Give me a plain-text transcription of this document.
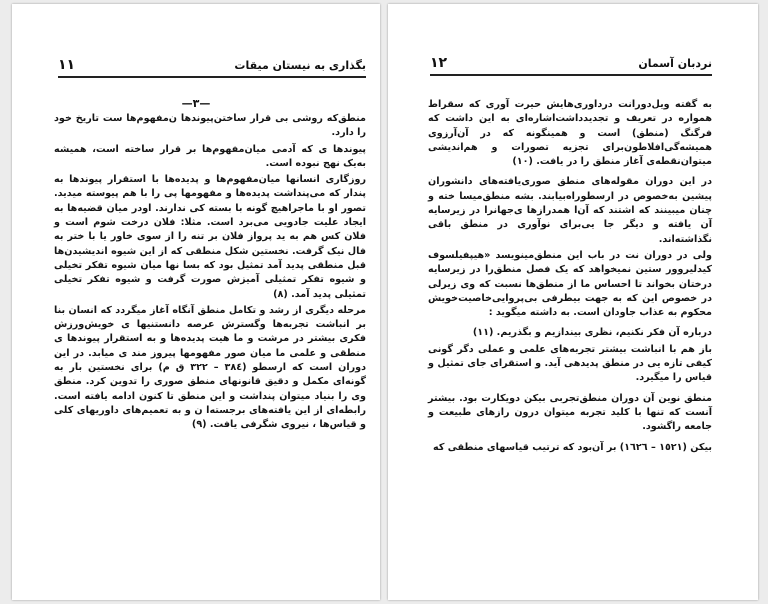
١١	بگذاری به نیستان میقات
—٣—

منطق‌که روشی بی قرار ساختن‌پیوندها ن‌مفهوم‌ها ست تاریخ خود را دارد.

پیوندها ی که آدمی میان‌مفهوم‌ها بر قرار ساخته است، همیشه به‌یک‌ نهج نبوده است.

روزگاری انسانها میان‌مفهوم‌ها و پدیده‌ها با استقرار پیوندها به پندار که می‌پنداشت پدیده‌ها و مفهومها پی را با هم پیوسته میدید. تصور او با ماجراهیچ گونه با بسته کی ندارند. اودر میان قضیه‌ها به ایجاد علیت جادویی می‌برد است. مثلا: فلان درخت شوم است و فلان کس هم به ید پرواز فلان بر تنه را از سوی خاور یا با ختر به فال نیک گرفت. نخستین شکل منطقی که از این شیوه اندیشیدن‌ها قبل منطقی پدید آمد تمثیل بود که بسا نها میان شیوه تفکر تخیلی و شیوه تفکر تمثیلی آمیزش صورت گرفت و شیوه تفکر تخیلی تمثیلی پدید آمد. (٨)

مرحله دیگری از رشد و تکامل منطق آنگاه آغاز میگردد که انسان بنا بر انباشت تجربه‌ها وگسترش عرصه دانستنیها ی خویش‌ورزش فکری بیشتر در مرشت و ما هیت پدیده‌ها و به استقرار پیوندها ی منطقی و علمی ما میان صور مفهومها پیروز مند ی میابد. در این دوران است که ارسطو (٣٨٤ – ٣٢٢ ق م) برای نخستین بار به گونه‌ای مکمل و دقیق قانونهای منطق صوری را تدوین کرد. منطق وی را بنیاد میتوان پنداشت و این منطق تا کنون ادامه یافته است. رابطه‌ای از این یافته‌های برجسته‌ا ن و به تعمیم‌های داوریهای کلی و قیاس‌ها ، نیروی شگرفی یافت. (٩)

١٢	نردبان آسمان

به گفته ویل‌دورانت درداوری‌هایش حیرت آوری که سقراط همواره در تعریف و تجدید‌داشت‌اشاره‌ای به این داشت که فرگنگ (منطق) است و همینگونه که در آن‌آرزوی همیشه‌گی‌افلاطون‌برای تجزیه تصورات و هم‌اندیشی میتوان‌نقطه‌ی آغاز منطق را در یافت. (١٠)

در این دوران مقوله‌های منطق صوری‌یافته‌های دانشوران پیشین به‌خصوص در ارسطو‌راه‌بیابند. بشه منطق‌میسا خته و چنان میبینند که اشتند که‌ آن‌ا همدرازها ی‌جهانرا در زیرسایه آن یافته و دیگر جا یی‌برای نوآوری در منطق باقی نگذاشته‌اند.

ولی در دوران نت در باب این منطق‌مینویسد «هیپفیلسوف کیدلیروور ستین نمیخواهد که یک فصل منطق‌را در زیرسایه درختان بخواند تا احساس ما از منطق‌ها نسبت که وی زیرلی در خصوص این که به جهت بیطرفی بی‌پروایی‌خاصیت‌خویش محکوم به عذاب جاودان است. به داشته میگوید :

درباره آن فکر نکنیم، نظری بیندازیم و بگذریم. (١١)

باز هم با انباشت بیشتر تجربه‌های علمی و عملی دگر گونی کیفی تازه‌ یی در منطق پدیدهی آید. و استقرای جای تمثیل و قیاس را میگیرد.

منطق نوین آن دوران منطق‌تجربی بیکن دو‌یکارت بود. بیشتر آنست که تنها با کلید تجربه میتوان درون رازهای طبیعت و جامعه راگشود.

بیکن (١٥٢١ – ١٦٢٦) بر آن‌بود که ترتیب قیاسهای منطقی که
